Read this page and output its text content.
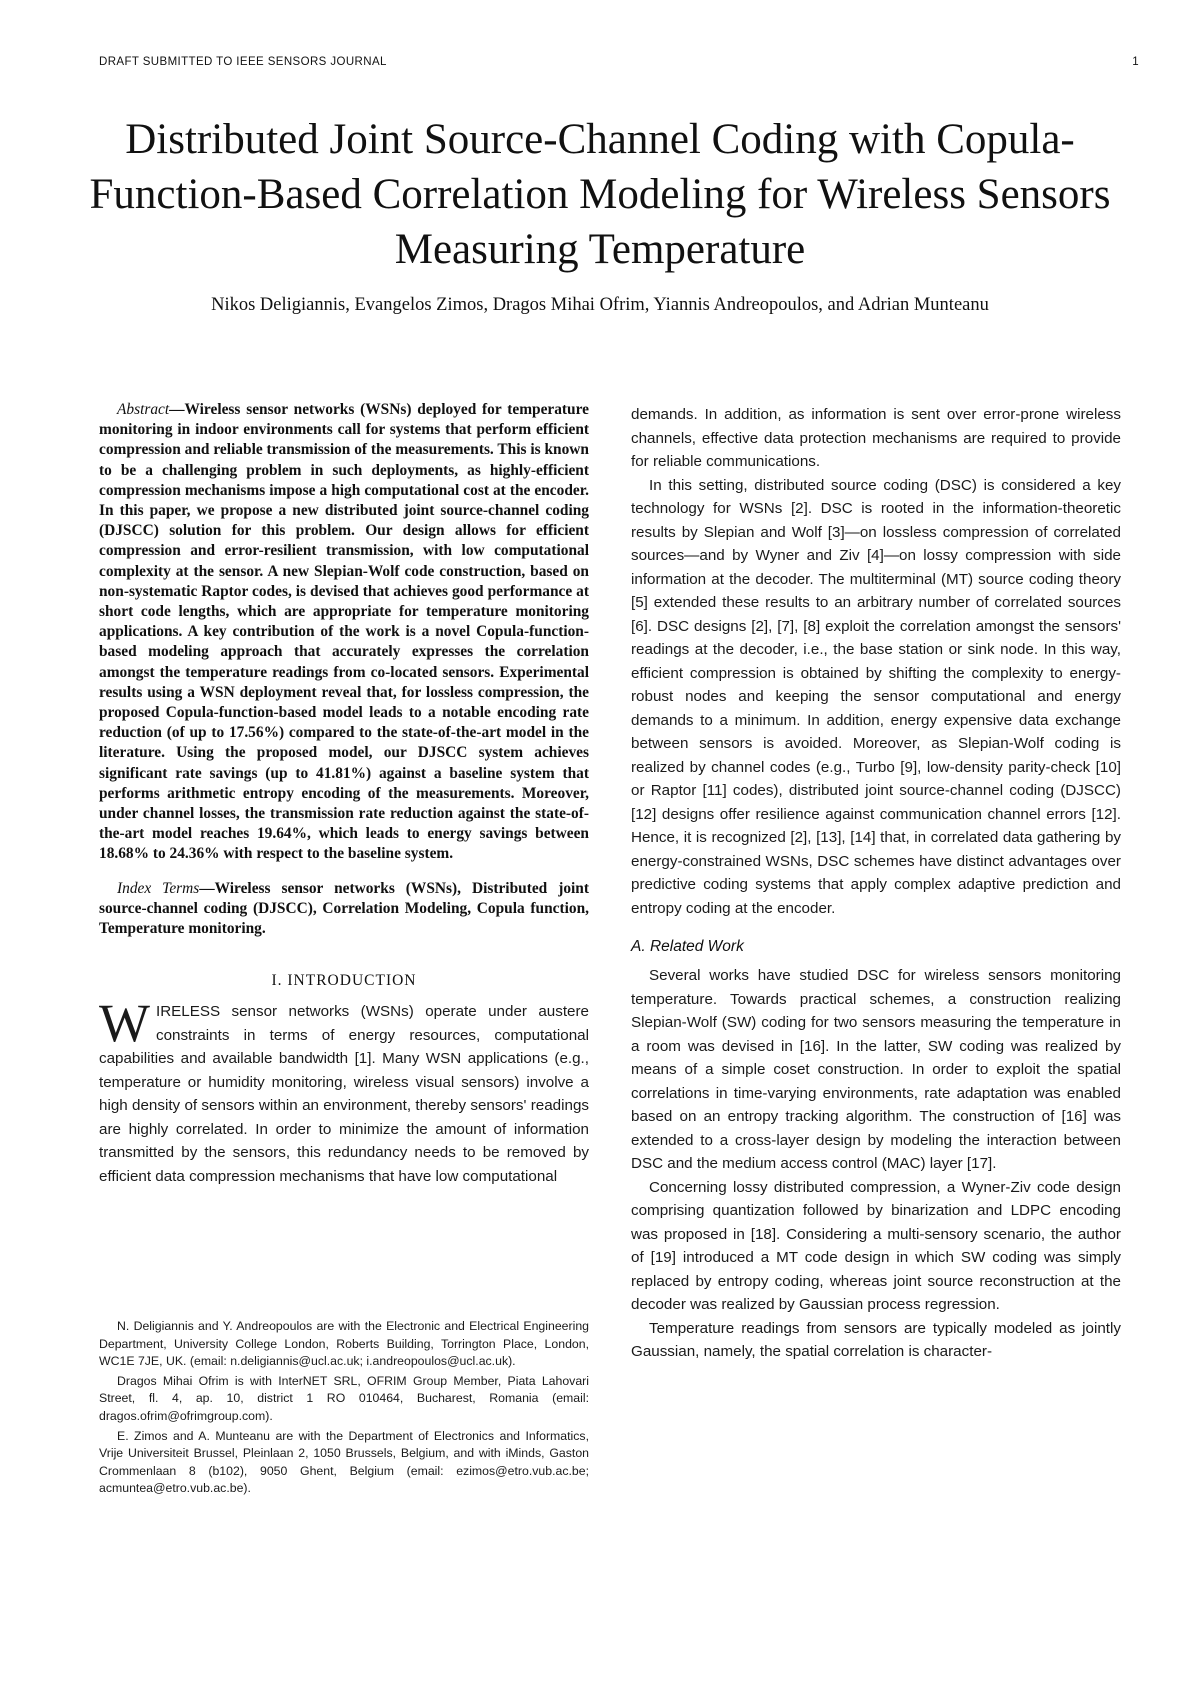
DRAFT SUBMITTED TO IEEE SENSORS JOURNAL	1
Distributed Joint Source-Channel Coding with Copula-Function-Based Correlation Modeling for Wireless Sensors Measuring Temperature
Nikos Deligiannis, Evangelos Zimos, Dragos Mihai Ofrim, Yiannis Andreopoulos, and Adrian Munteanu

Abstract—Wireless sensor networks (WSNs) deployed for temperature monitoring in indoor environments call for systems that perform efficient compression and reliable transmission of the measurements. This is known to be a challenging problem in such deployments, as highly-efficient compression mechanisms impose a high computational cost at the encoder. In this paper, we propose a new distributed joint source-channel coding (DJSCC) solution for this problem. Our design allows for efficient compression and error-resilient transmission, with low computational complexity at the sensor. A new Slepian-Wolf code construction, based on non-systematic Raptor codes, is devised that achieves good performance at short code lengths, which are appropriate for temperature monitoring applications. A key contribution of the work is a novel Copula-function-based modeling approach that accurately expresses the correlation amongst the temperature readings from co-located sensors. Experimental results using a WSN deployment reveal that, for lossless compression, the proposed Copula-function-based model leads to a notable encoding rate reduction (of up to 17.56%) compared to the state-of-the-art model in the literature. Using the proposed model, our DJSCC system achieves significant rate savings (up to 41.81%) against a baseline system that performs arithmetic entropy encoding of the measurements. Moreover, under channel losses, the transmission rate reduction against the state-of-the-art model reaches 19.64%, which leads to energy savings between 18.68% to 24.36% with respect to the baseline system.

Index Terms—Wireless sensor networks (WSNs), Distributed joint source-channel coding (DJSCC), Correlation Modeling, Copula function, Temperature monitoring.

I. INTRODUCTION

WIRELESS sensor networks (WSNs) operate under austere constraints in terms of energy resources, computational capabilities and available bandwidth [1]. Many WSN applications (e.g., temperature or humidity monitoring, wireless visual sensors) involve a high density of sensors within an environment, thereby sensors' readings are highly correlated. In order to minimize the amount of information transmitted by the sensors, this redundancy needs to be removed by efficient data compression mechanisms that have low computational

N. Deligiannis and Y. Andreopoulos are with the Electronic and Electrical Engineering Department, University College London, Roberts Building, Torrington Place, London, WC1E 7JE, UK. (email: n.deligiannis@ucl.ac.uk; i.andreopoulos@ucl.ac.uk).

Dragos Mihai Ofrim is with InterNET SRL, OFRIM Group Member, Piata Lahovari Street, fl. 4, ap. 10, district 1 RO 010464, Bucharest, Romania (email: dragos.ofrim@ofrimgroup.com).

E. Zimos and A. Munteanu are with the Department of Electronics and Informatics, Vrije Universiteit Brussel, Pleinlaan 2, 1050 Brussels, Belgium, and with iMinds, Gaston Crommenlaan 8 (b102), 9050 Ghent, Belgium (email: ezimos@etro.vub.ac.be; acmuntea@etro.vub.ac.be).

demands. In addition, as information is sent over error-prone wireless channels, effective data protection mechanisms are required to provide for reliable communications.

In this setting, distributed source coding (DSC) is considered a key technology for WSNs [2]. DSC is rooted in the information-theoretic results by Slepian and Wolf [3]—on lossless compression of correlated sources—and by Wyner and Ziv [4]—on lossy compression with side information at the decoder. The multiterminal (MT) source coding theory [5] extended these results to an arbitrary number of correlated sources [6]. DSC designs [2], [7], [8] exploit the correlation amongst the sensors' readings at the decoder, i.e., the base station or sink node. In this way, efficient compression is obtained by shifting the complexity to energy-robust nodes and keeping the sensor computational and energy demands to a minimum. In addition, energy expensive data exchange between sensors is avoided. Moreover, as Slepian-Wolf coding is realized by channel codes (e.g., Turbo [9], low-density parity-check [10] or Raptor [11] codes), distributed joint source-channel coding (DJSCC) [12] designs offer resilience against communication channel errors [12]. Hence, it is recognized [2], [13], [14] that, in correlated data gathering by energy-constrained WSNs, DSC schemes have distinct advantages over predictive coding systems that apply complex adaptive prediction and entropy coding at the encoder.

A. Related Work

Several works have studied DSC for wireless sensors monitoring temperature. Towards practical schemes, a construction realizing Slepian-Wolf (SW) coding for two sensors measuring the temperature in a room was devised in [16]. In the latter, SW coding was realized by means of a simple coset construction. In order to exploit the spatial correlations in time-varying environments, rate adaptation was enabled based on an entropy tracking algorithm. The construction of [16] was extended to a cross-layer design by modeling the interaction between DSC and the medium access control (MAC) layer [17].

Concerning lossy distributed compression, a Wyner-Ziv code design comprising quantization followed by binarization and LDPC encoding was proposed in [18]. Considering a multi-sensory scenario, the author of [19] introduced a MT code design in which SW coding was simply replaced by entropy coding, whereas joint source reconstruction at the decoder was realized by Gaussian process regression.

Temperature readings from sensors are typically modeled as jointly Gaussian, namely, the spatial correlation is character-
